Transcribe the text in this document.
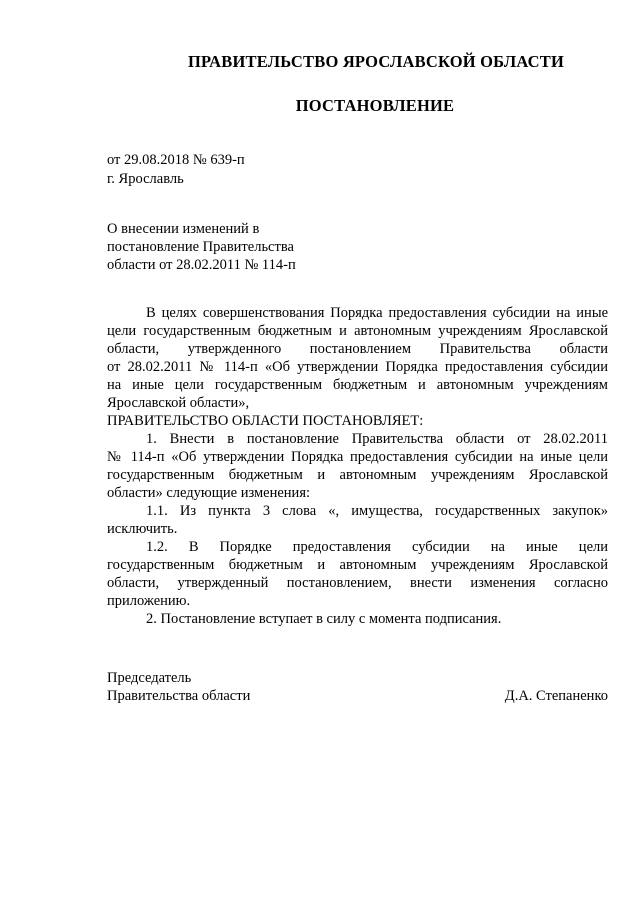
ПРАВИТЕЛЬСТВО ЯРОСЛАВСКОЙ ОБЛАСТИ
ПОСТАНОВЛЕНИЕ
от 29.08.2018 № 639-п
г. Ярославль
О внесении изменений в
постановление Правительства
области от 28.02.2011 № 114-п
В целях совершенствования Порядка предоставления субсидии на иные
цели государственным бюджетным и автономным учреждениям Ярославской
области, утвержденного постановлением Правительства области
от 28.02.2011 № 114-п «Об утверждении Порядка предоставления субсидии
на иные цели государственным бюджетным и автономным учреждениям
Ярославской области»,
ПРАВИТЕЛЬСТВО ОБЛАСТИ ПОСТАНОВЛЯЕТ:
1. Внести в постановление Правительства области от 28.02.2011
№ 114-п «Об утверждении Порядка предоставления субсидии на иные цели
государственным бюджетным и автономным учреждениям Ярославской
области» следующие изменения:
1.1. Из пункта 3 слова «, имущества, государственных закупок»
исключить.
1.2. В Порядке предоставления субсидии на иные цели
государственным бюджетным и автономным учреждениям Ярославской
области, утвержденный постановлением, внести изменения согласно
приложению.
2. Постановление вступает в силу с момента подписания.
Председатель
Правительства области	Д.А. Степаненко
